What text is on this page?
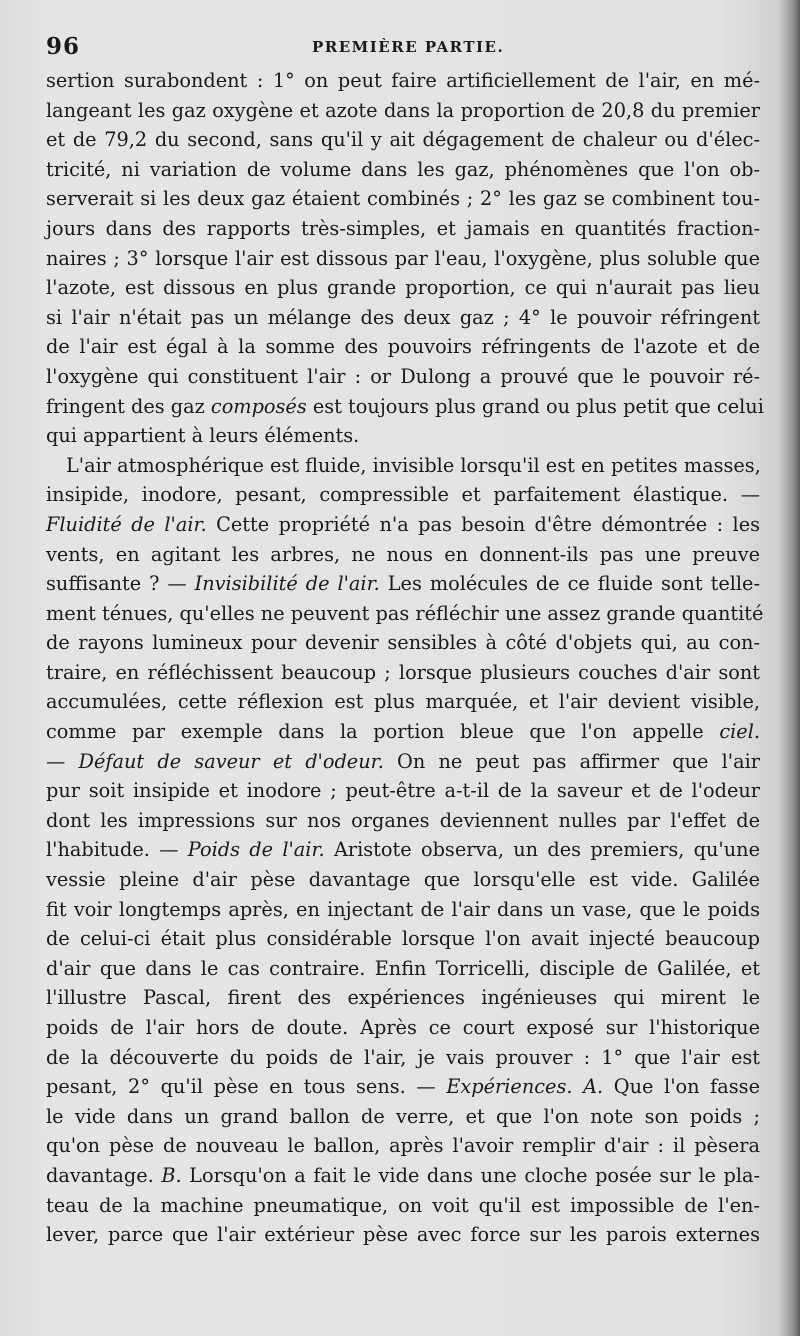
96	PREMIÈRE PARTIE.
sertion surabondent : 1° on peut faire artificiellement de l'air, en mé-
langeant les gaz oxygène et azote dans la proportion de 20,8 du premier
et de 79,2 du second, sans qu'il y ait dégagement de chaleur ou d'élec-
tricité, ni variation de volume dans les gaz, phénomènes que l'on ob-
serverait si les deux gaz étaient combinés ; 2° les gaz se combinent tou-
jours dans des rapports très-simples, et jamais en quantités fraction-
naires ; 3° lorsque l'air est dissous par l'eau, l'oxygène, plus soluble que
l'azote, est dissous en plus grande proportion, ce qui n'aurait pas lieu
si l'air n'était pas un mélange des deux gaz ; 4° le pouvoir réfringent
de l'air est égal à la somme des pouvoirs réfringents de l'azote et de
l'oxygène qui constituent l'air : or Dulong a prouvé que le pouvoir ré-
fringent des gaz composés est toujours plus grand ou plus petit que celui
qui appartient à leurs éléments.
L'air atmosphérique est fluide, invisible lorsqu'il est en petites masses,
insipide, inodore, pesant, compressible et parfaitement élastique. —
Fluidité de l'air. Cette propriété n'a pas besoin d'être démontrée : les
vents, en agitant les arbres, ne nous en donnent-ils pas une preuve
suffisante ? — Invisibilité de l'air. Les molécules de ce fluide sont telle-
ment ténues, qu'elles ne peuvent pas réfléchir une assez grande quantité
de rayons lumineux pour devenir sensibles à côté d'objets qui, au con-
traire, en réfléchissent beaucoup ; lorsque plusieurs couches d'air sont
accumulées, cette réflexion est plus marquée, et l'air devient visible,
comme par exemple dans la portion bleue que l'on appelle ciel.
— Défaut de saveur et d'odeur. On ne peut pas affirmer que l'air
pur soit insipide et inodore ; peut-être a-t-il de la saveur et de l'odeur
dont les impressions sur nos organes deviennent nulles par l'effet de
l'habitude. — Poids de l'air. Aristote observa, un des premiers, qu'une
vessie pleine d'air pèse davantage que lorsqu'elle est vide. Galilée
fit voir longtemps après, en injectant de l'air dans un vase, que le poids
de celui-ci était plus considérable lorsque l'on avait injecté beaucoup
d'air que dans le cas contraire. Enfin Torricelli, disciple de Galilée, et
l'illustre Pascal, firent des expériences ingénieuses qui mirent le
poids de l'air hors de doute. Après ce court exposé sur l'historique
de la découverte du poids de l'air, je vais prouver : 1° que l'air est
pesant, 2° qu'il pèse en tous sens. — Expériences. A. Que l'on fasse
le vide dans un grand ballon de verre, et que l'on note son poids ;
qu'on pèse de nouveau le ballon, après l'avoir remplir d'air : il pèsera
davantage. B. Lorsqu'on a fait le vide dans une cloche posée sur le pla-
teau de la machine pneumatique, on voit qu'il est impossible de l'en-
lever, parce que l'air extérieur pèse avec force sur les parois externes
